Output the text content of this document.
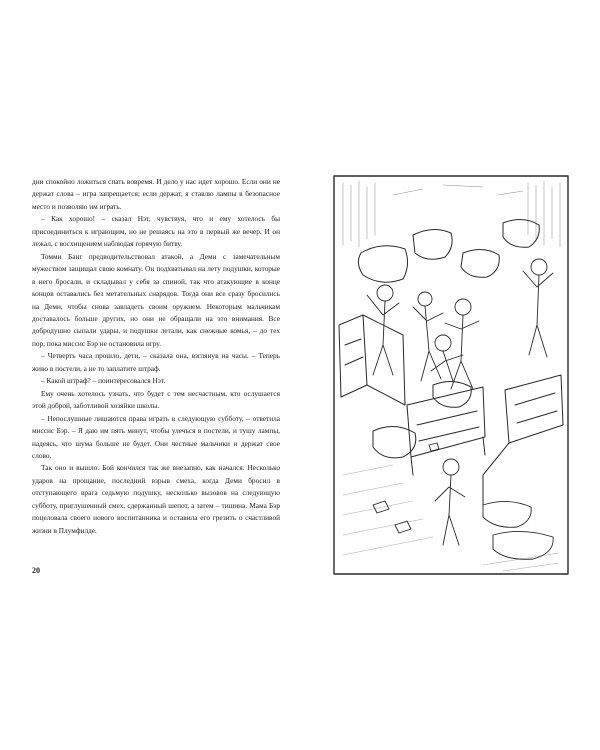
дни спокойно ложиться спать вовремя. И дело у нас идет хорошо. Если они не держат слова – игра запрещается; если держат, я ставлю лампы в безопасное место и позволяю им играть.

– Как хорошо! – сказал Нэт, чувствуя, что и ему хотелось бы присоединиться к играющим, но не решаясь на это в первый же вечер. И он лежал, с восхищением наблюдая горячую битву.

Томми Банг предводительствовал атакой, а Деми с замечательным мужеством защищал свою комнату. Он подхватывал на лету подушки, которые в него бросали, и складывал у себя за спиной, так что атакующие в конце концов оставались без метательных снарядов. Тогда они все сразу бросились на Деми, чтобы снова завладеть своим оружием. Некоторым мальчикам доставалось больше других, но они не обращали на это внимания. Все добродушно сыпали удары, и подушки летали, как снежные комья, – до тех пор, пока миссис Бэр не остановила игру.

– Четверть часа прошло, дети, – сказала она, взглянув на часы. – Теперь живо в постели, а не то заплатите штраф.

– Какой штраф? – поинтересовался Нэт.

Ему очень хотелось узнать, что будет с тем несчастным, кто ослушается этой доброй, заботливой хозяйки школы.

– Непослушные лишаются права играть в следующую субботу, – ответила миссис Бэр. – Я даю им пять минут, чтобы улечься в постели, и тушу лампы, надеясь, что шума больше не будет. Они честные мальчики и держат свое слово.

Так оно и вышло. Бой кончился так же внезапно, как начался. Несколько ударов на прощание, последний взрыв смеха, когда Деми бросил в отступающего врага седьмую подушку, несколько вызовов на следующую субботу, приглушенный смех, сдержанный шепот, а затем – тишина. Мама Бэр поцеловала своего нового воспитанника и оставила его грезить о счастливой жизни в Плумфилде.

20
